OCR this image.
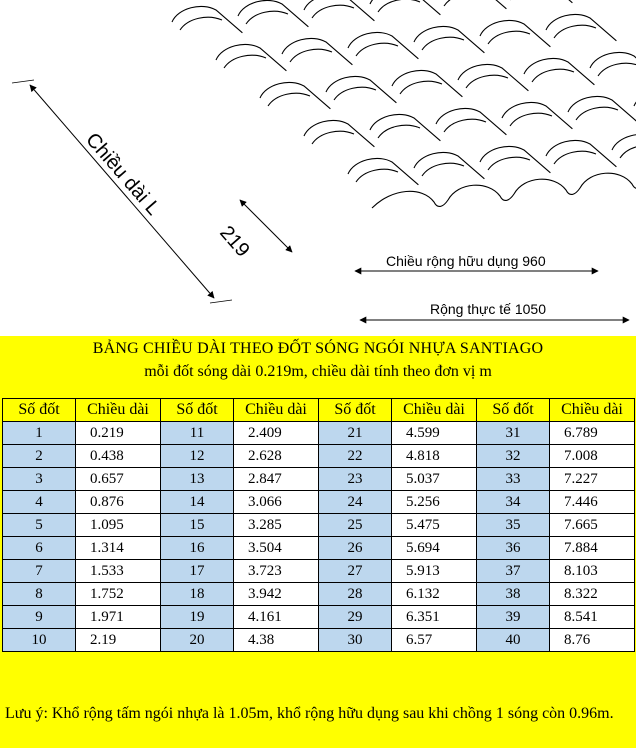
Chiều dài L
219	Chiều rộng hữu dụng 960
Rộng thực tế 1050
BẢNG CHIỀU DÀI THEO ĐỐT SÓNG NGÓI NHỰA SANTIAGO
mỗi đốt sóng dài 0.219m, chiều dài tính theo đơn vị m
Số đốt	Chiều dài	Số đốt	Chiều dài	Số đốt	Chiều dài	Số đốt	Chiều dài
1	0.219	11	2.409	21	4.599	31	6.789
2	0.438	12	2.628	22	4.818	32	7.008
3	0.657	13	2.847	23	5.037	33	7.227
4	0.876	14	3.066	24	5.256	34	7.446
5	1.095	15	3.285	25	5.475	35	7.665
6	1.314	16	3.504	26	5.694	36	7.884
7	1.533	17	3.723	27	5.913	37	8.103
8	1.752	18	3.942	28	6.132	38	8.322
9	1.971	19	4.161	29	6.351	39	8.541
10	2.19	20	4.38	30	6.57	40	8.76
Lưu ý: Khổ rộng tấm ngói nhựa là 1.05m, khổ rộng hữu dụng sau khi chồng 1 sóng còn 0.96m.
